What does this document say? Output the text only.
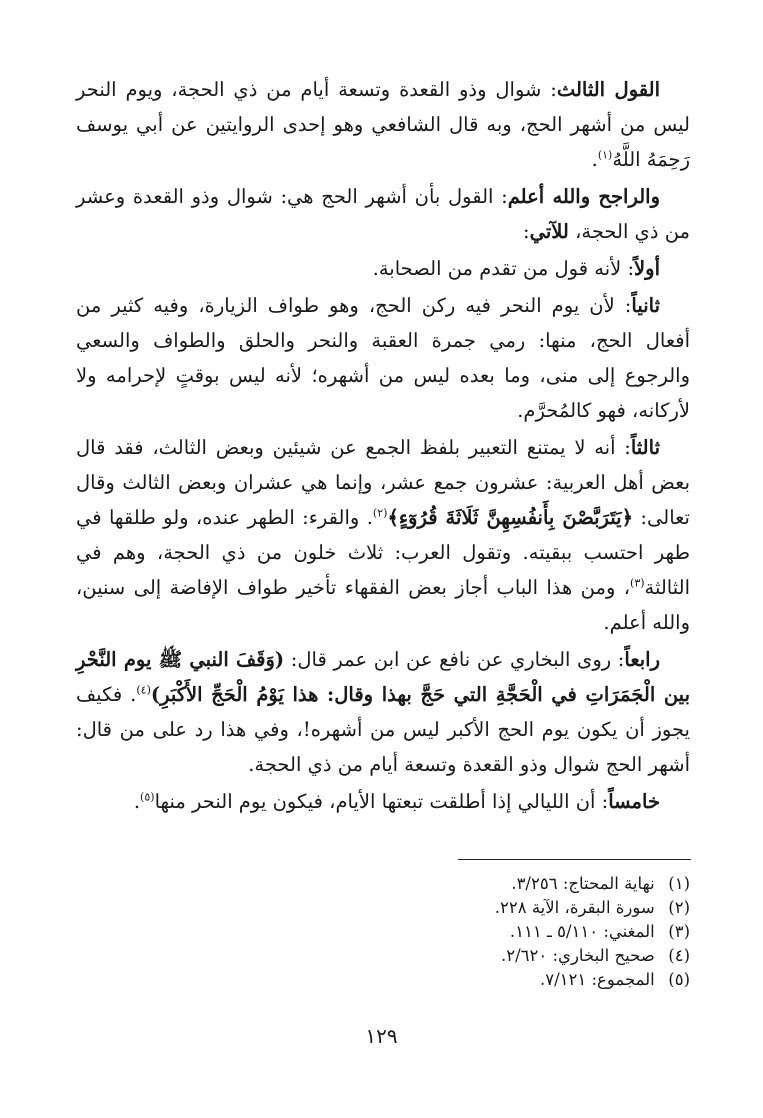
القول الثالث: شوال وذو القعدة وتسعة أيام من ذي الحجة، ويوم النحر ليس من أشهر الحج، وبه قال الشافعي وهو إحدى الروايتين عن أبي يوسف رَحِمَهُ اللَّهُ$^{(١)}$.

والراجح والله أعلم: القول بأن أشهر الحج هي: شوال وذو القعدة وعشر من ذي الحجة، للآتي:

أولاً: لأنه قول من تقدم من الصحابة.

ثانياً: لأن يوم النحر فيه ركن الحج، وهو طواف الزيارة، وفيه كثير من أفعال الحج، منها: رمي جمرة العقبة والنحر والحلق والطواف والسعي والرجوع إلى منى، وما بعده ليس من أشهره؛ لأنه ليس بوقتٍ لإحرامه ولا لأركانه، فهو كالمُحرَّم.

ثالثاً: أنه لا يمتنع التعبير بلفظ الجمع عن شيئين وبعض الثالث، فقد قال بعض أهل العربية: عشرون جمع عشر، وإنما هي عشران وبعض الثالث وقال تعالى: ﴿يَتَرَبَّصْنَ بِأَنفُسِهِنَّ ثَلَاثَةَ قُرُوٓءٍ﴾$^{(٢)}$. والقرء: الطهر عنده، ولو طلقها في طهر احتسب ببقيته. وتقول العرب: ثلاث خلون من ذي الحجة، وهم في الثالثة$^{(٣)}$، ومن هذا الباب أجاز بعض الفقهاء تأخير طواف الإفاضة إلى سنين، والله أعلم.

رابعاً: روى البخاري عن نافع عن ابن عمر قال: (وَقَفَ النبي ﷺ يوم النَّحْرِ بين الْجَمَرَاتِ في الْحَجَّةِ التي حَجَّ بهذا وقال: هذا يَوْمُ الْحَجِّ الأَكْبَرِ)$^{(٤)}$. فكيف يجوز أن يكون يوم الحج الأكبر ليس من أشهره!، وفي هذا رد على من قال: أشهر الحج شوال وذو القعدة وتسعة أيام من ذي الحجة.

خامساً: أن الليالي إذا أطلقت تبعتها الأيام، فيكون يوم النحر منها$^{(٥)}$.

(١) نهاية المحتاج: ٣/٢٥٦.
(٢) سورة البقرة، الآية ٢٢٨.
(٣) المغني: ٥/١١٠ ـ ١١١.
(٤) صحيح البخاري: ٢/٦٢٠.
(٥) المجموع: ٧/١٢١.
١٢٩
